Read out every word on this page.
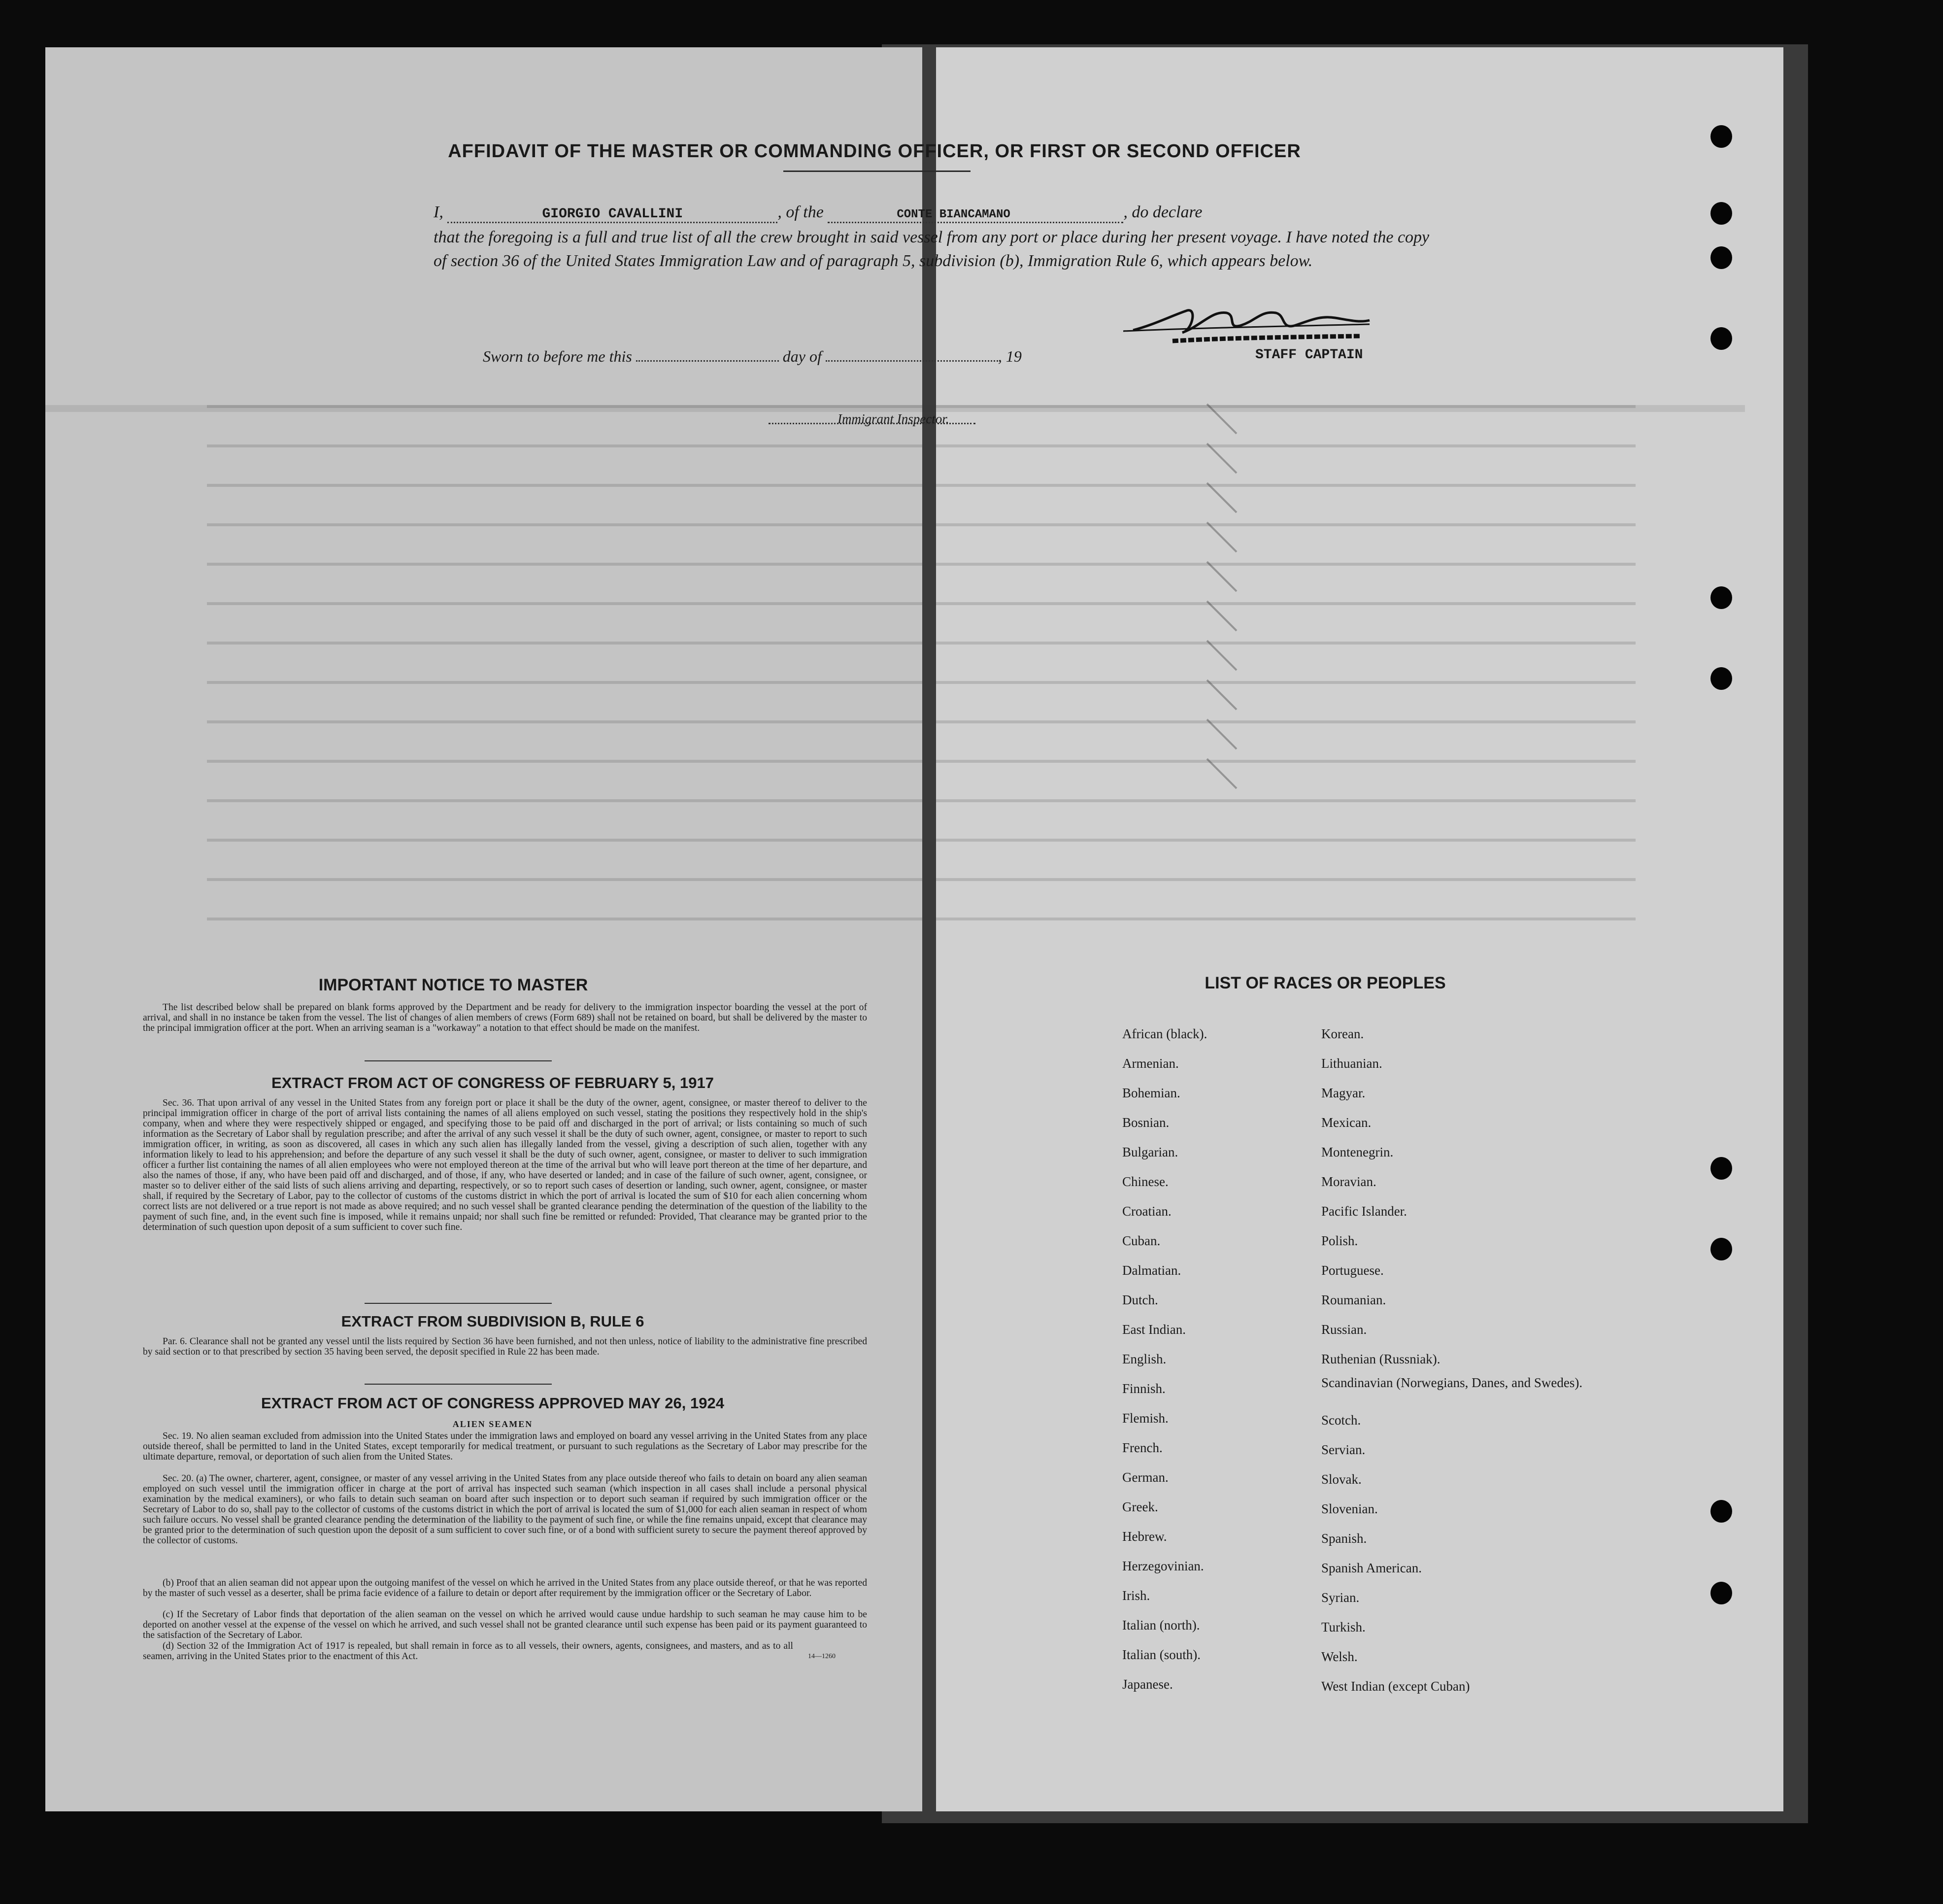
AFFIDAVIT OF THE MASTER OR COMMANDING OFFICER, OR FIRST OR SECOND OFFICER
I,	GIORGIO CAVALLINI	, of the	CONTE BIANCAMANO	, do declare
that the foregoing is a full and true list of all the crew brought in said vessel from any port or place during her present voyage. I have noted the copy of section 36 of the United States Immigration Law and of paragraph 5, subdivision (b), Immigration Rule 6, which appears below.
Sworn to before me this	day of	, 19	STAFF CAPTAIN
Immigrant Inspector.
IMPORTANT NOTICE TO MASTER
The list described below shall be prepared on blank forms approved by the Department and be ready for delivery to the immigration inspector boarding the vessel at the port of arrival, and shall in no instance be taken from the vessel. The list of changes of alien members of crews (Form 689) shall not be retained on board, but shall be delivered by the master to the principal immigration officer at the port. When an arriving seaman is a "workaway" a notation to that effect should be made on the manifest.
EXTRACT FROM ACT OF CONGRESS OF FEBRUARY 5, 1917
Sec. 36. That upon arrival of any vessel in the United States from any foreign port or place it shall be the duty of the owner, agent, consignee, or master thereof to deliver to the principal immigration officer in charge of the port of arrival lists containing the names of all aliens employed on such vessel, stating the positions they respectively hold in the ship's company, when and where they were respectively shipped or engaged, and specifying those to be paid off and discharged in the port of arrival; or lists containing so much of such information as the Secretary of Labor shall by regulation prescribe; and after the arrival of any such vessel it shall be the duty of such owner, agent, consignee, or master to report to such immigration officer, in writing, as soon as discovered, all cases in which any such alien has illegally landed from the vessel, giving a description of such alien, together with any information likely to lead to his apprehension; and before the departure of any such vessel it shall be the duty of such owner, agent, consignee, or master to deliver to such immigration officer a further list containing the names of all alien employees who were not employed thereon at the time of the arrival but who will leave port thereon at the time of her departure, and also the names of those, if any, who have been paid off and discharged, and of those, if any, who have deserted or landed; and in case of the failure of such owner, agent, consignee, or master so to deliver either of the said lists of such aliens arriving and departing, respectively, or so to report such cases of desertion or landing, such owner, agent, consignee, or master shall, if required by the Secretary of Labor, pay to the collector of customs of the customs district in which the port of arrival is located the sum of $10 for each alien concerning whom correct lists are not delivered or a true report is not made as above required; and no such vessel shall be granted clearance pending the determination of the question of the liability to the payment of such fine, and, in the event such fine is imposed, while it remains unpaid; nor shall such fine be remitted or refunded: Provided, That clearance may be granted prior to the determination of such question upon deposit of a sum sufficient to cover such fine.
EXTRACT FROM SUBDIVISION B, RULE 6
Par. 6. Clearance shall not be granted any vessel until the lists required by Section 36 have been furnished, and not then unless, notice of liability to the administrative fine prescribed by said section or to that prescribed by section 35 having been served, the deposit specified in Rule 22 has been made.
EXTRACT FROM ACT OF CONGRESS APPROVED MAY 26, 1924
ALIEN SEAMEN
Sec. 19. No alien seaman excluded from admission into the United States under the immigration laws and employed on board any vessel arriving in the United States from any place outside thereof, shall be permitted to land in the United States, except temporarily for medical treatment, or pursuant to such regulations as the Secretary of Labor may prescribe for the ultimate departure, removal, or deportation of such alien from the United States.
Sec. 20. (a) The owner, charterer, agent, consignee, or master of any vessel arriving in the United States from any place outside thereof who fails to detain on board any alien seaman employed on such vessel until the immigration officer in charge at the port of arrival has inspected such seaman (which inspection in all cases shall include a personal physical examination by the medical examiners), or who fails to detain such seaman on board after such inspection or to deport such seaman if required by such immigration officer or the Secretary of Labor to do so, shall pay to the collector of customs of the customs district in which the port of arrival is located the sum of $1,000 for each alien seaman in respect of whom such failure occurs. No vessel shall be granted clearance pending the determination of the liability to the payment of such fine, or while the fine remains unpaid, except that clearance may be granted prior to the determination of such question upon the deposit of a sum sufficient to cover such fine, or of a bond with sufficient surety to secure the payment thereof approved by the collector of customs.
(b) Proof that an alien seaman did not appear upon the outgoing manifest of the vessel on which he arrived in the United States from any place outside thereof, or that he was reported by the master of such vessel as a deserter, shall be prima facie evidence of a failure to detain or deport after requirement by the immigration officer or the Secretary of Labor.
(c) If the Secretary of Labor finds that deportation of the alien seaman on the vessel on which he arrived would cause undue hardship to such seaman he may cause him to be deported on another vessel at the expense of the vessel on which he arrived, and such vessel shall not be granted clearance until such expense has been paid or its payment guaranteed to the satisfaction of the Secretary of Labor.
(d) Section 32 of the Immigration Act of 1917 is repealed, but shall remain in force as to all vessels, their owners, agents, consignees, and masters, and as to all seamen, arriving in the United States prior to the enactment of this Act.	14—1260
LIST OF RACES OR PEOPLES
African (black).
Armenian.
Bohemian.
Bosnian.
Bulgarian.
Chinese.
Croatian.
Cuban.
Dalmatian.
Dutch.
East Indian.
English.
Finnish.
Flemish.
French.
German.
Greek.
Hebrew.
Herzegovinian.
Irish.
Italian (north).
Italian (south).
Japanese.
Korean.
Lithuanian.
Magyar.
Mexican.
Montenegrin.
Moravian.
Pacific Islander.
Polish.
Portuguese.
Roumanian.
Russian.
Ruthenian (Russniak).
Scandinavian (Norwegians, Danes, and Swedes).
Scotch.
Servian.
Slovak.
Slovenian.
Spanish.
Spanish American.
Syrian.
Turkish.
Welsh.
West Indian (except Cuban)
